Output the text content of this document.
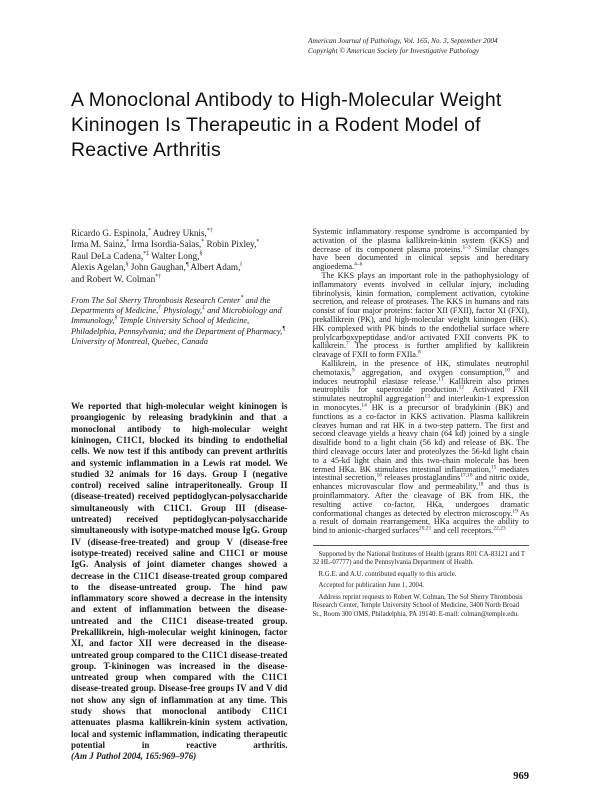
American Journal of Pathology, Vol. 165, No. 3, September 2004
Copyright © American Society for Investigative Pathology
A Monoclonal Antibody to High-Molecular Weight
Kininogen Is Therapeutic in a Rodent Model of
Reactive Arthritis

Ricardo G. Espinola,* Audrey Uknis,*†
Irma M. Sainz,* Irma Isordia-Salas,* Robin Pixley,*
Raul DeLa Cadena,*‡ Walter Long,§
Alexis Agelan,§ John Gaughan,¶ Albert Adam,‖
and Robert W. Colman*†

From The Sol Sherry Thrombosis Research Center* and the Departments of Medicine,† Physiology,‡ and Microbiology and Immunology,§ Temple University School of Medicine, Philadelphia, Pennsylvania; and the Department of Pharmacy,¶ University of Montreal, Quebec, Canada

We reported that high-molecular weight kininogen is proangiogenic by releasing bradykinin and that a monoclonal antibody to high-molecular weight kininogen, C11C1, blocked its binding to endothelial cells. We now test if this antibody can prevent arthritis and systemic inflammation in a Lewis rat model. We studied 32 animals for 16 days. Group I (negative control) received saline intraperitoneally. Group II (disease-treated) received peptidoglycan-polysaccharide simultaneously with C11C1. Group III (disease-untreated) received peptidoglycan-polysaccharide simultaneously with isotype-matched mouse IgG. Group IV (disease-free-treated) and group V (disease-free isotype-treated) received saline and C11C1 or mouse IgG. Analysis of joint diameter changes showed a decrease in the C11C1 disease-treated group compared to the disease-untreated group. The hind paw inflammatory score showed a decrease in the intensity and extent of inflammation between the disease-untreated and the C11C1 disease-treated group. Prekallikrein, high-molecular weight kininogen, factor XI, and factor XII were decreased in the disease-untreated group compared to the C11C1 disease-treated group. T-kininogen was increased in the disease-untreated group when compared with the C11C1 disease-treated group. Disease-free groups IV and V did not show any sign of inflammation at any time. This study shows that monoclonal antibody C11C1 attenuates plasma kallikrein-kinin system activation, local and systemic inflammation, indicating therapeutic potential in reactive arthritis. (Am J Pathol 2004, 165:969–976)

Systemic inflammatory response syndrome is accompanied by activation of the plasma kallikrein-kinin system (KKS) and decrease of its component plasma proteins.$^{1-3}$ Similar changes have been documented in clinical sepsis and hereditary angioedema.$^{4-6}$

The KKS plays an important role in the pathophysiology of inflammatory events involved in cellular injury, including fibrinolysis, kinin formation, complement activation, cytokine secretion, and release of proteases. The KKS in humans and rats consist of four major proteins: factor XII (FXII), factor XI (FXI), prekallikrein (PK), and high-molecular weight kininogen (HK). HK complexed with PK binds to the endothelial surface where prolylcarboxypeptidase and/or activated FXII converts PK to kallikrein.$^7$ The process is further amplified by kallikrein cleavage of FXII to form FXIIa.$^8$

Kallikrein, in the presence of HK, stimulates neutrophil chemotaxis,$^9$ aggregation, and oxygen consumption,$^{10}$ and induces neutrophil elastase release.$^{11}$ Kallikrein also primes neutrophils for superoxide production.$^{12}$ Activated FXII stimulates neutrophil aggregation$^{13}$ and interleukin-1 expression in monocytes.$^{14}$ HK is a precursor of bradykinin (BK) and functions as a co-factor in KKS activation. Plasma kallikrein cleaves human and rat HK in a two-step pattern. The first and second cleavage yields a heavy chain (64 kd) joined by a single disulfide bond to a light chain (56 kd) and release of BK. The third cleavage occurs later and proteolyzes the 56-kd light chain to a 45-kd light chain and this two-chain molecule has been termed HKa. BK stimulates intestinal inflammation,$^{15}$ mediates intestinal secretion,$^{16}$ releases prostaglandins$^{17,18}$ and nitric oxide, enhances microvascular flow and permeability,$^{18}$ and thus is proinflammatory. After the cleavage of BK from HK, the resulting active co-factor, HKa, undergoes dramatic conformational changes as detected by electron microscopy.$^{19}$ As a result of domain rearrangement, HKa acquires the ability to bind to anionic-charged surfaces$^{20,21}$ and cell receptors.$^{22,23}$

Supported by the National Institutes of Health (grants R01 CA-83121 and T 32 HL-07777) and the Pennsylvania Department of Health.

R.G.E. and A.U. contributed equally to this article.

Accepted for publication June 1, 2004.

Address reprint requests to Robert W. Colman, The Sol Sherry Thrombosis Research Center, Temple University School of Medicine, 3400 North Broad St., Room 300 OMS, Philadelphia, PA 19140. E-mail: colman@temple.edu.

969
